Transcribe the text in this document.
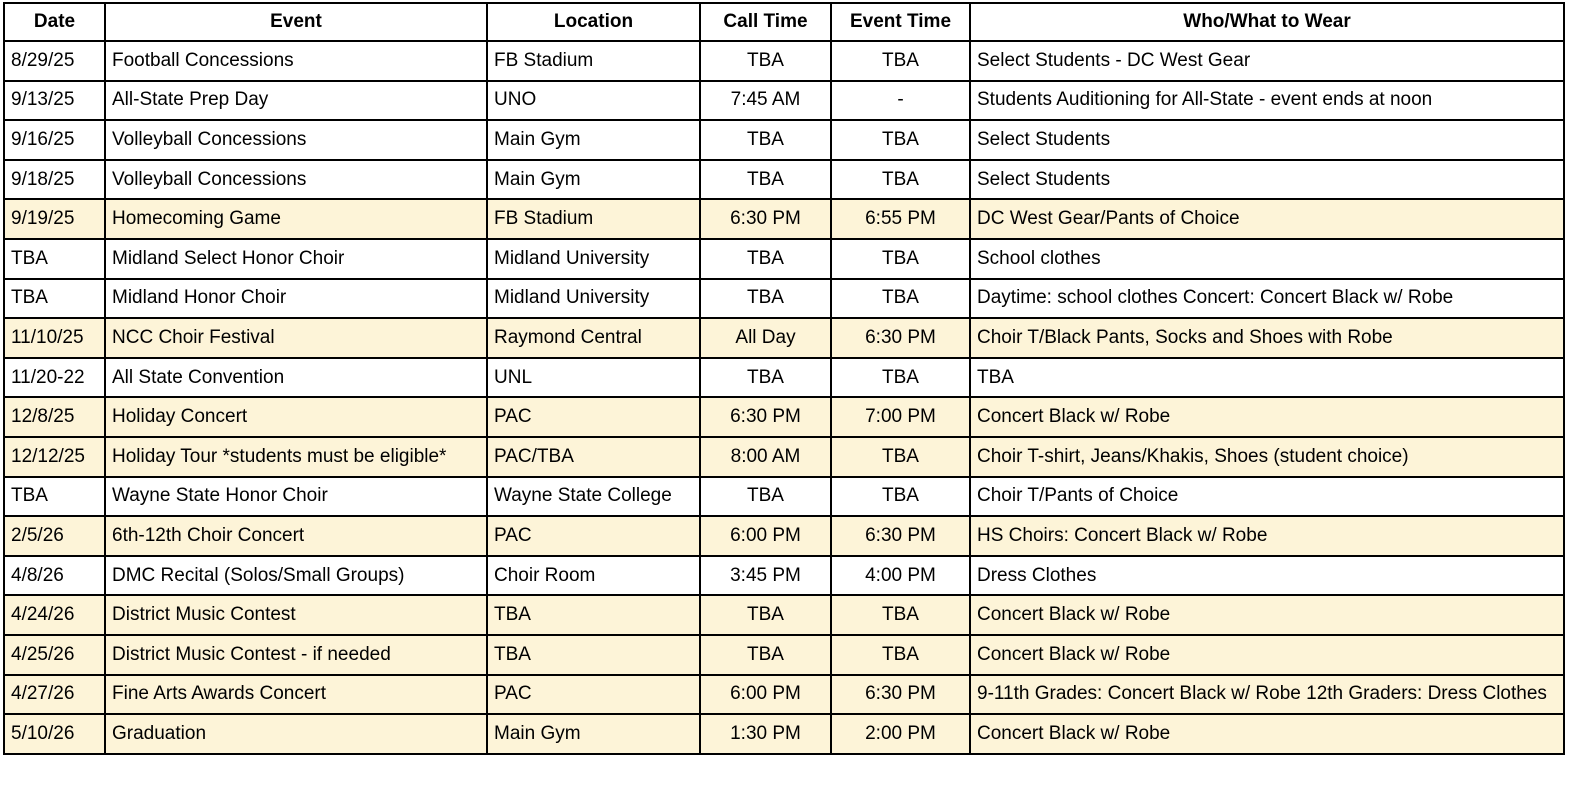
Date	Event	Location	Call Time	Event Time	Who/What to Wear
8/29/25	Football Concessions	FB Stadium	TBA	TBA	Select Students - DC West Gear
9/13/25	All-State Prep Day	UNO	7:45 AM	-	Students Auditioning for All-State - event ends at noon
9/16/25	Volleyball Concessions	Main Gym	TBA	TBA	Select Students
9/18/25	Volleyball Concessions	Main Gym	TBA	TBA	Select Students
9/19/25	Homecoming Game	FB Stadium	6:30 PM	6:55 PM	DC West Gear/Pants of Choice
TBA	Midland Select Honor Choir	Midland University	TBA	TBA	School clothes
TBA	Midland Honor Choir	Midland University	TBA	TBA	Daytime: school clothes Concert: Concert Black w/ Robe
11/10/25	NCC Choir Festival	Raymond Central	All Day	6:30 PM	Choir T/Black Pants, Socks and Shoes with Robe
11/20-22	All State Convention	UNL	TBA	TBA	TBA
12/8/25	Holiday Concert	PAC	6:30 PM	7:00 PM	Concert Black w/ Robe
12/12/25	Holiday Tour *students must be eligible*	PAC/TBA	8:00 AM	TBA	Choir T-shirt, Jeans/Khakis, Shoes (student choice)
TBA	Wayne State Honor Choir	Wayne State College	TBA	TBA	Choir T/Pants of Choice
2/5/26	6th-12th Choir Concert	PAC	6:00 PM	6:30 PM	HS Choirs: Concert Black w/ Robe
4/8/26	DMC Recital (Solos/Small Groups)	Choir Room	3:45 PM	4:00 PM	Dress Clothes
4/24/26	District Music Contest	TBA	TBA	TBA	Concert Black w/ Robe
4/25/26	District Music Contest - if needed	TBA	TBA	TBA	Concert Black w/ Robe
4/27/26	Fine Arts Awards Concert	PAC	6:00 PM	6:30 PM	9-11th Grades: Concert Black w/ Robe 12th Graders: Dress Clothes
5/10/26	Graduation	Main Gym	1:30 PM	2:00 PM	Concert Black w/ Robe
